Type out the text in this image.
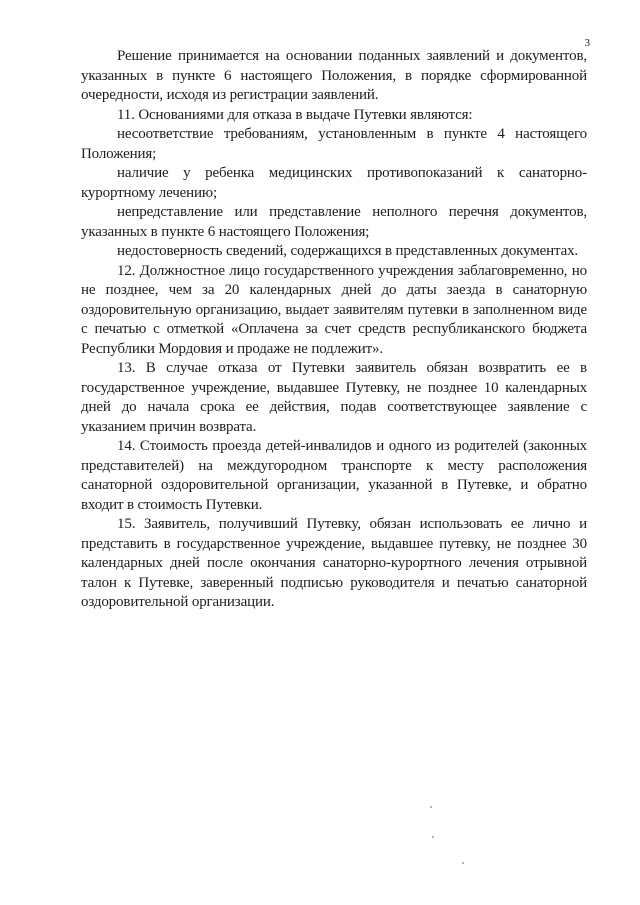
3

Решение принимается на основании поданных заявлений и документов, указанных в пункте 6 настоящего Положения, в порядке сформированной очередности, исходя из регистрации заявлений.

11. Основаниями для отказа в выдаче Путевки являются:

несоответствие требованиям, установленным в пункте 4 настоящего Положения;

наличие у ребенка медицинских противопоказаний к санаторно-курортному лечению;

непредставление или представление неполного перечня документов, указанных в пункте 6 настоящего Положения;

недостоверность сведений, содержащихся в представленных документах.

12. Должностное лицо государственного учреждения заблаговременно, но не позднее, чем за 20 календарных дней до даты заезда в санаторную оздоровительную организацию, выдает заявителям путевки в заполненном виде с печатью с отметкой «Оплачена за счет средств республиканского бюджета Республики Мордовия и продаже не подлежит».

13. В случае отказа от Путевки заявитель обязан возвратить ее в государственное учреждение, выдавшее Путевку, не позднее 10 календарных дней до начала срока ее действия, подав соответствующее заявление с указанием причин возврата.

14. Стоимость проезда детей-инвалидов и одного из родителей (законных представителей) на междугородном транспорте к месту расположения санаторной оздоровительной организации, указанной в Путевке, и обратно входит в стоимость Путевки.

15. Заявитель, получивший Путевку, обязан использовать ее лично и представить в государственное учреждение, выдавшее путевку, не позднее 30 календарных дней после окончания санаторно-курортного лечения отрывной талон к Путевке, заверенный подписью руководителя и печатью санаторной оздоровительной организации.
